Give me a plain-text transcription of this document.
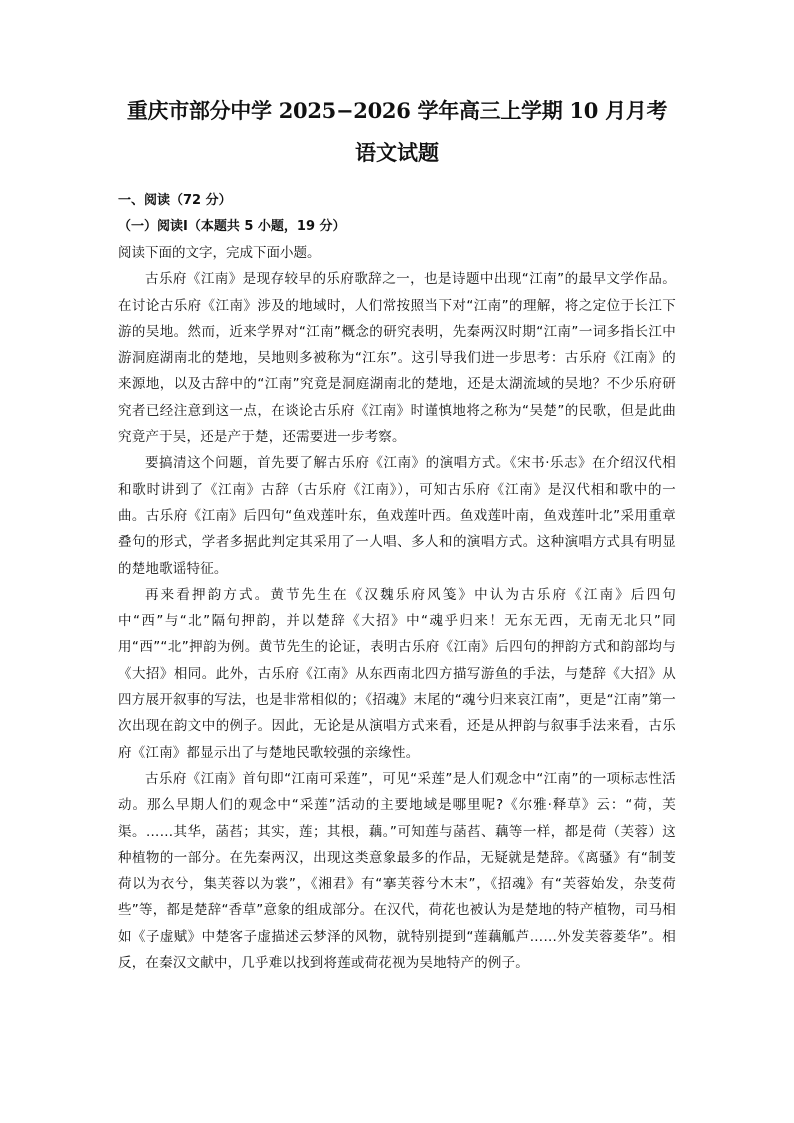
重庆市部分中学 2025−2026 学年高三上学期 10 月月考
语文试题

一、阅读（72 分）

（一）阅读Ⅰ（本题共 5 小题，19 分）

阅读下面的文字，完成下面小题。

古乐府《江南》是现存较早的乐府歌辞之一，也是诗题中出现“江南”的最早文学作品。在讨论古乐府《江南》涉及的地域时，人们常按照当下对“江南”的理解，将之定位于长江下游的吴地。然而，近来学界对“江南”概念的研究表明，先秦两汉时期“江南”一词多指长江中游洞庭湖南北的楚地，吴地则多被称为“江东”。这引导我们进一步思考：古乐府《江南》的来源地，以及古辞中的“江南”究竟是洞庭湖南北的楚地，还是太湖流域的吴地？不少乐府研究者已经注意到这一点，在谈论古乐府《江南》时谨慎地将之称为“吴楚”的民歌，但是此曲究竟产于吴，还是产于楚，还需要进一步考察。

要搞清这个问题，首先要了解古乐府《江南》的演唱方式。《宋书·乐志》在介绍汉代相和歌时讲到了《江南》古辞（古乐府《江南》），可知古乐府《江南》是汉代相和歌中的一曲。古乐府《江南》后四句“鱼戏莲叶东，鱼戏莲叶西。鱼戏莲叶南，鱼戏莲叶北”采用重章叠句的形式，学者多据此判定其采用了一人唱、多人和的演唱方式。这种演唱方式具有明显的楚地歌谣特征。

再来看押韵方式。黄节先生在《汉魏乐府风笺》中认为古乐府《江南》后四句中“西”与“北”隔句押韵，并以楚辞《大招》中“魂乎归来！无东无西，无南无北只”同用“西”“北”押韵为例。黄节先生的论证，表明古乐府《江南》后四句的押韵方式和韵部均与《大招》相同。此外，古乐府《江南》从东西南北四方描写游鱼的手法，与楚辞《大招》从四方展开叙事的写法，也是非常相似的；《招魂》末尾的“魂兮归来哀江南”，更是“江南”第一次出现在韵文中的例子。因此，无论是从演唱方式来看，还是从押韵与叙事手法来看，古乐府《江南》都显示出了与楚地民歌较强的亲缘性。

古乐府《江南》首句即“江南可采莲”，可见“采莲”是人们观念中“江南”的一项标志性活动。那么早期人们的观念中“采莲”活动的主要地域是哪里呢?《尔雅·释草》云：“荷，芙渠。……其华，菡萏；其实，莲；其根，藕。”可知莲与菡萏、藕等一样，都是荷（芙蓉）这种植物的一部分。在先秦两汉，出现这类意象最多的作品，无疑就是楚辞。《离骚》有“制芰荷以为衣兮，集芙蓉以为裳”，《湘君》有“搴芙蓉兮木末”，《招魂》有“芙蓉始发，杂芰荷些”等，都是楚辞“香草”意象的组成部分。在汉代，荷花也被认为是楚地的特产植物，司马相如《子虚赋》中楚客子虚描述云梦泽的风物，就特别提到“莲藕觚芦……外发芙蓉菱华”。相反，在秦汉文献中，几乎难以找到将莲或荷花视为吴地特产的例子。
